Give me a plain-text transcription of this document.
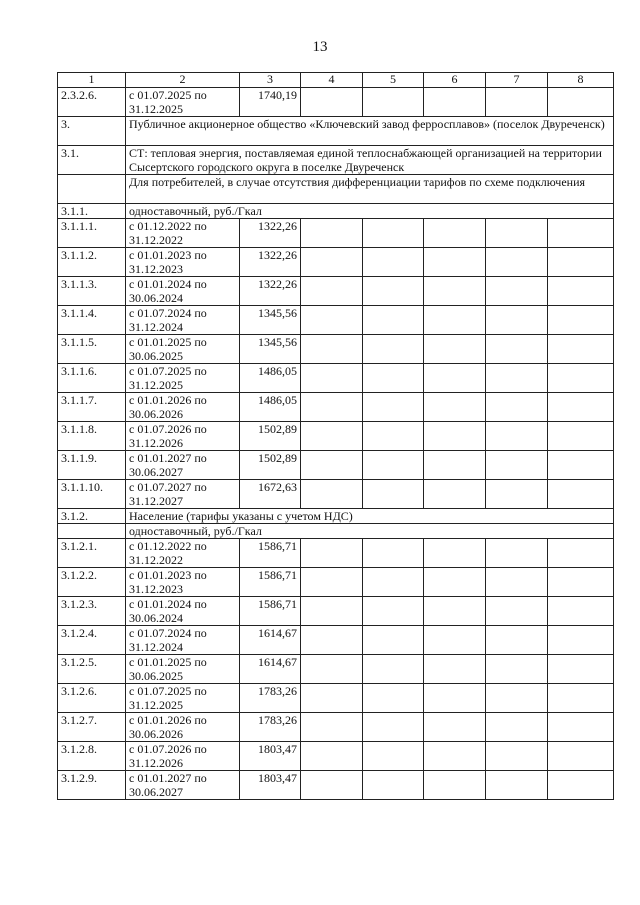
13
1	2	3	4	5	6	7	8
2.3.2.6.	с 01.07.2025 по 31.12.2025	1740,19					
3.	Публичное акционерное общество «Ключевский завод ферросплавов» (поселок Двуреченск)						
3.1.	СТ: тепловая энергия, поставляемая единой теплоснабжающей организацией на территории Сысертского городского округа в поселке Двуреченск						
	Для потребителей, в случае отсутствия дифференциации тарифов по схеме подключения						
3.1.1.	одноставочный, руб./Гкал						
3.1.1.1.	с 01.12.2022 по 31.12.2022	1322,26					
3.1.1.2.	с 01.01.2023 по 31.12.2023	1322,26					
3.1.1.3.	с 01.01.2024 по 30.06.2024	1322,26					
3.1.1.4.	с 01.07.2024 по 31.12.2024	1345,56					
3.1.1.5.	с 01.01.2025 по 30.06.2025	1345,56					
3.1.1.6.	с 01.07.2025 по 31.12.2025	1486,05					
3.1.1.7.	с 01.01.2026 по 30.06.2026	1486,05					
3.1.1.8.	с 01.07.2026 по 31.12.2026	1502,89					
3.1.1.9.	с 01.01.2027 по 30.06.2027	1502,89					
3.1.1.10.	с 01.07.2027 по 31.12.2027	1672,63					
3.1.2.	Население (тарифы указаны с учетом НДС)						
	одноставочный, руб./Гкал						
3.1.2.1.	с 01.12.2022 по 31.12.2022	1586,71					
3.1.2.2.	с 01.01.2023 по 31.12.2023	1586,71					
3.1.2.3.	с 01.01.2024 по 30.06.2024	1586,71					
3.1.2.4.	с 01.07.2024 по 31.12.2024	1614,67					
3.1.2.5.	с 01.01.2025 по 30.06.2025	1614,67					
3.1.2.6.	с 01.07.2025 по 31.12.2025	1783,26					
3.1.2.7.	с 01.01.2026 по 30.06.2026	1783,26					
3.1.2.8.	с 01.07.2026 по 31.12.2026	1803,47					
3.1.2.9.	с 01.01.2027 по 30.06.2027	1803,47					
